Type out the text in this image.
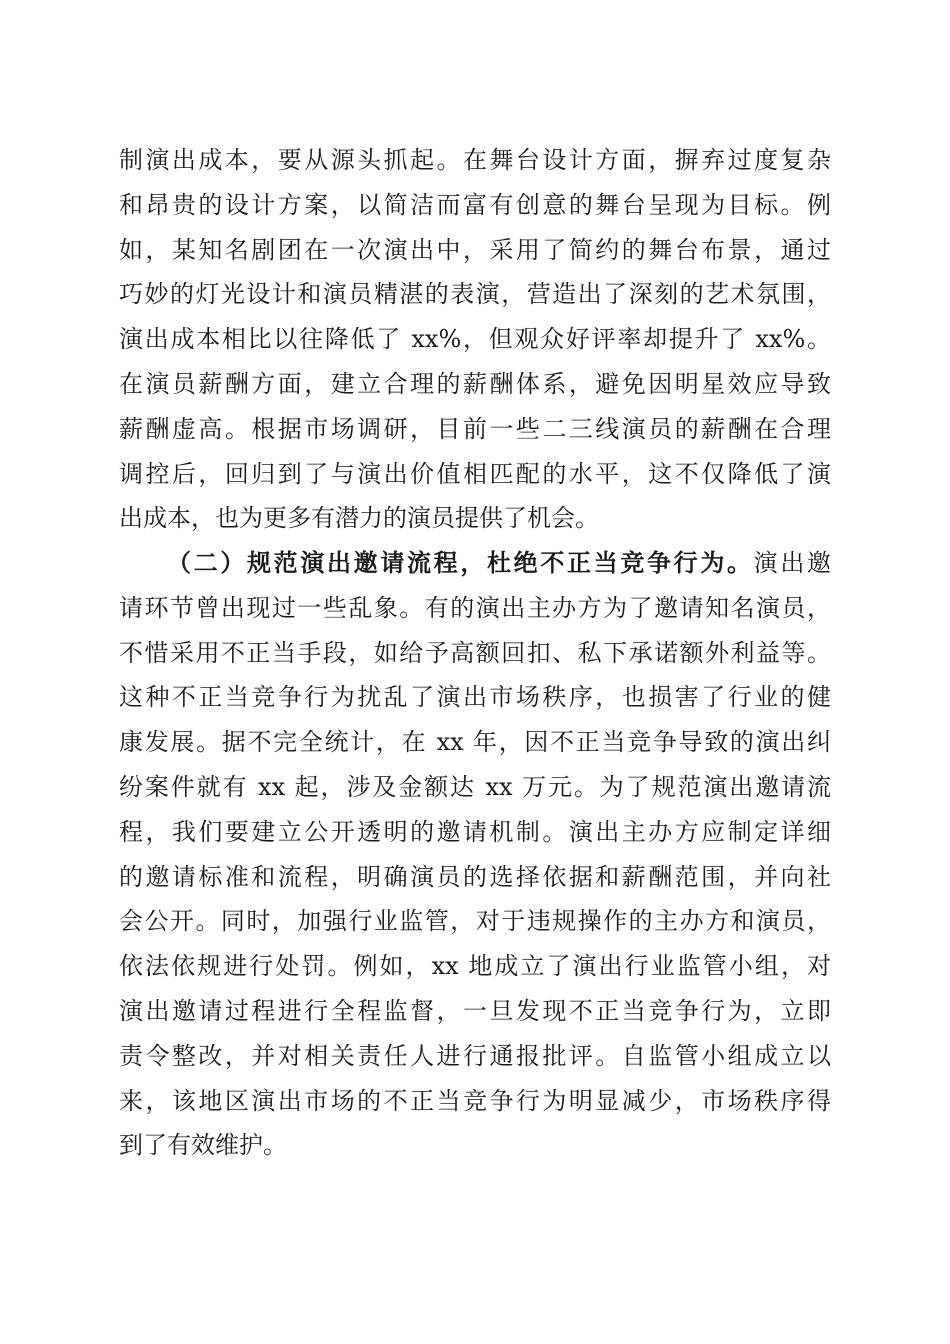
制演出成本，要从源头抓起。在舞台设计方面，摒弃过度复杂
和昂贵的设计方案，以简洁而富有创意的舞台呈现为目标。例
如，某知名剧团在一次演出中，采用了简约的舞台布景，通过
巧妙的灯光设计和演员精湛的表演，营造出了深刻的艺术氛围，
演出成本相比以往降低了 xx%，但观众好评率却提升了 xx%。
在演员薪酬方面，建立合理的薪酬体系，避免因明星效应导致
薪酬虚高。根据市场调研，目前一些二三线演员的薪酬在合理
调控后，回归到了与演出价值相匹配的水平，这不仅降低了演
出成本，也为更多有潜力的演员提供了机会。
（二）规范演出邀请流程，杜绝不正当竞争行为。演出邀
请环节曾出现过一些乱象。有的演出主办方为了邀请知名演员，
不惜采用不正当手段，如给予高额回扣、私下承诺额外利益等。
这种不正当竞争行为扰乱了演出市场秩序，也损害了行业的健
康发展。据不完全统计，在 xx 年，因不正当竞争导致的演出纠
纷案件就有 xx 起，涉及金额达 xx 万元。为了规范演出邀请流
程，我们要建立公开透明的邀请机制。演出主办方应制定详细
的邀请标准和流程，明确演员的选择依据和薪酬范围，并向社
会公开。同时，加强行业监管，对于违规操作的主办方和演员，
依法依规进行处罚。例如，xx 地成立了演出行业监管小组，对
演出邀请过程进行全程监督，一旦发现不正当竞争行为，立即
责令整改，并对相关责任人进行通报批评。自监管小组成立以
来，该地区演出市场的不正当竞争行为明显减少，市场秩序得
到了有效维护。
